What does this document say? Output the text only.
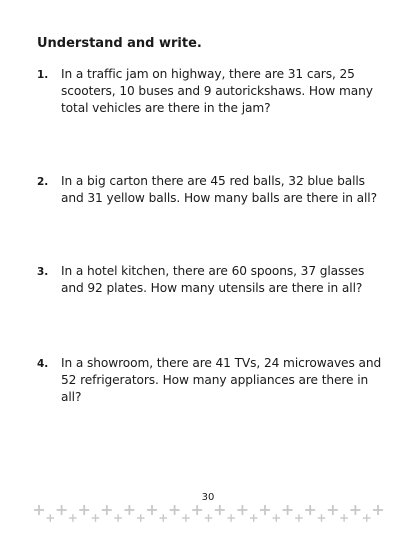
Understand and write.
1. In a traffic jam on highway, there are 31 cars, 25 scooters, 10 buses and 9 autorickshaws. How many total vehicles are there in the jam?
2. In a big carton there are 45 red balls, 32 blue balls and 31 yellow balls. How many balls are there in all?
3. In a hotel kitchen, there are 60 spoons, 37 glasses and 92 plates. How many utensils are there in all?
4. In a showroom, there are 41 TVs, 24 microwaves and 52 refrigerators. How many appliances are there in all?
30
